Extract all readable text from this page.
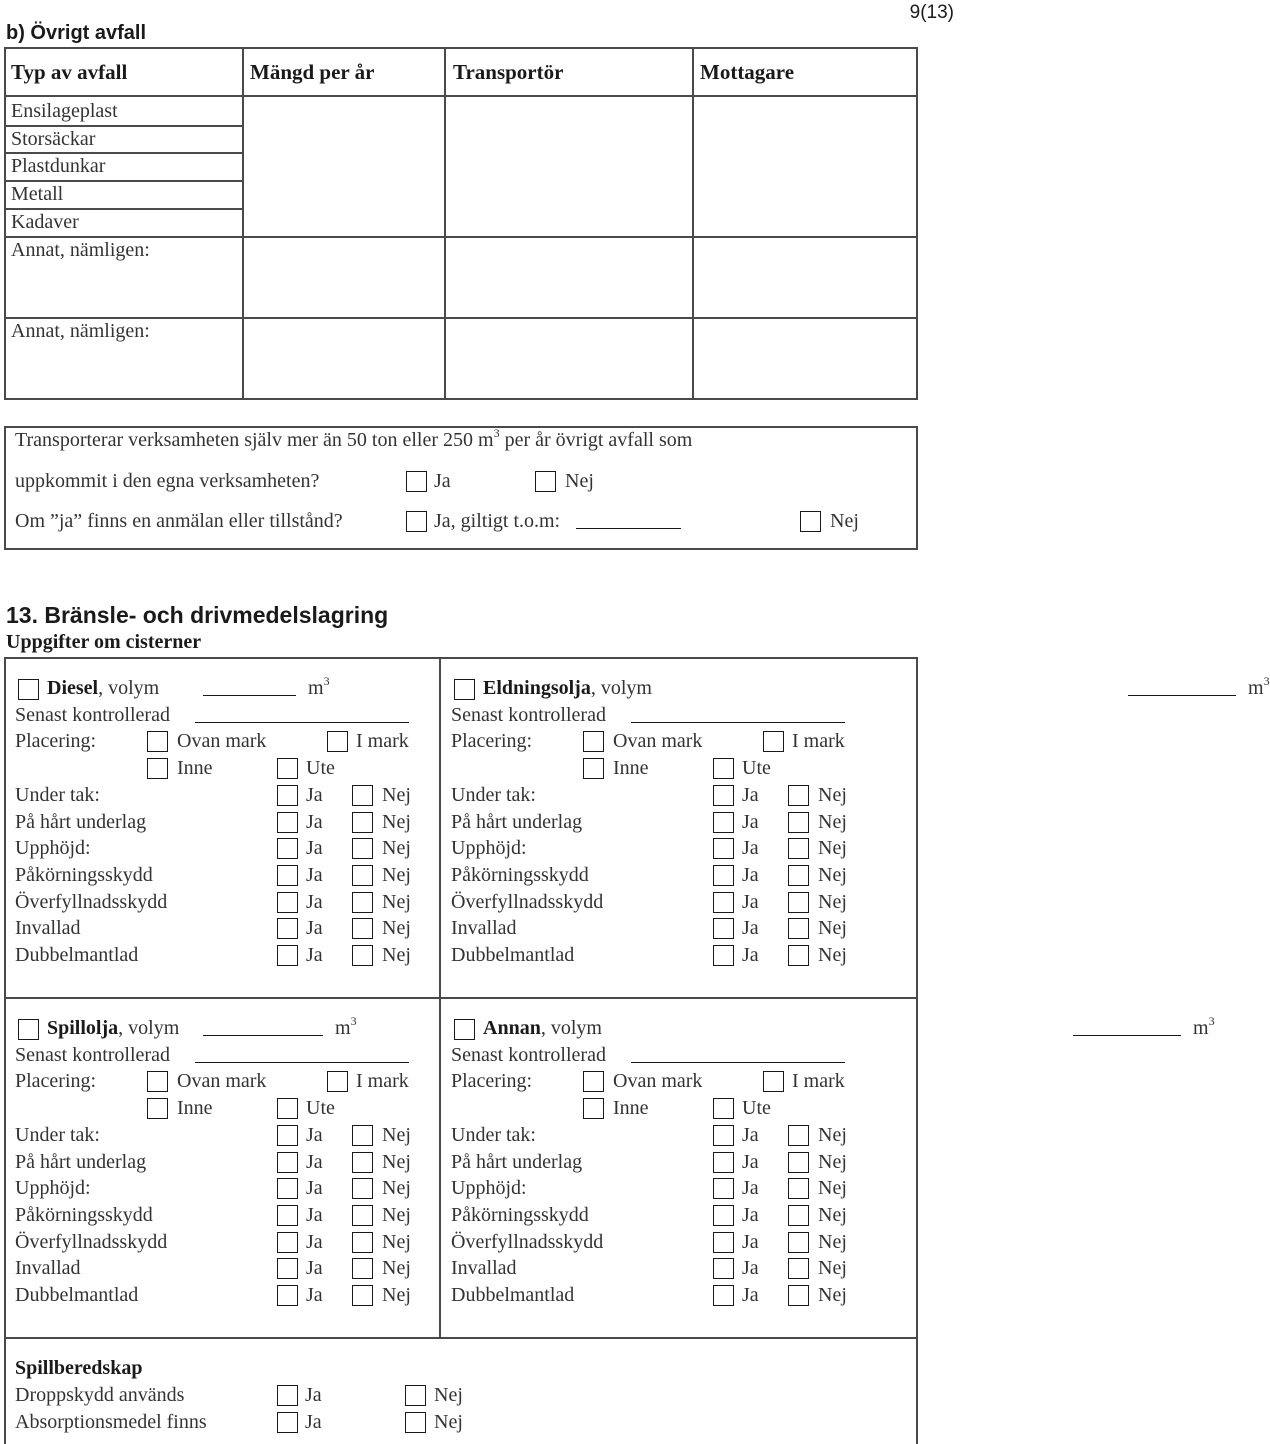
9(13)
b) Övrigt avfall
Typ av avfall	Mängd per år	Transportör	Mottagare
Ensilageplast
Storsäckar
Plastdunkar
Metall
Kadaver
Annat, nämligen:
Annat, nämligen:
Transporterar verksamheten själv mer än 50 ton eller 250 $m^3$ per år övrigt avfall som
uppkommit i den egna verksamheten?	Ja	Nej
Om ”ja” finns en anmälan eller tillstånd?	Ja, giltigt t.o.m:	Nej
13. Bränsle- och drivmedelslagring
Uppgifter om cisterner
Diesel, volym	$m^3$
Senast kontrollerad
Placering:	Ovan mark	I mark
Inne	Ute
Under tak:	Ja	Nej
På hårt underlag	Ja	Nej
Upphöjd:	Ja	Nej
Påkörningsskydd	Ja	Nej
Överfyllnadsskydd	Ja	Nej
Invallad	Ja	Nej
Dubbelmantlad	Ja	Nej
Eldningsolja, volym	$m^3$
Senast kontrollerad
Placering:	Ovan mark	I mark
Inne	Ute
Under tak:	Ja	Nej
På hårt underlag	Ja	Nej
Upphöjd:	Ja	Nej
Påkörningsskydd	Ja	Nej
Överfyllnadsskydd	Ja	Nej
Invallad	Ja	Nej
Dubbelmantlad	Ja	Nej
Spillolja, volym	$m^3$
Senast kontrollerad
Placering:	Ovan mark	I mark
Inne	Ute
Under tak:	Ja	Nej
På hårt underlag	Ja	Nej
Upphöjd:	Ja	Nej
Påkörningsskydd	Ja	Nej
Överfyllnadsskydd	Ja	Nej
Invallad	Ja	Nej
Dubbelmantlad	Ja	Nej
Annan, volym	$m^3$
Senast kontrollerad
Placering:	Ovan mark	I mark
Inne	Ute
Under tak:	Ja	Nej
På hårt underlag	Ja	Nej
Upphöjd:	Ja	Nej
Påkörningsskydd	Ja	Nej
Överfyllnadsskydd	Ja	Nej
Invallad	Ja	Nej
Dubbelmantlad	Ja	Nej
Spillberedskap
Droppskydd används	Ja	Nej
Absorptionsmedel finns	Ja	Nej
